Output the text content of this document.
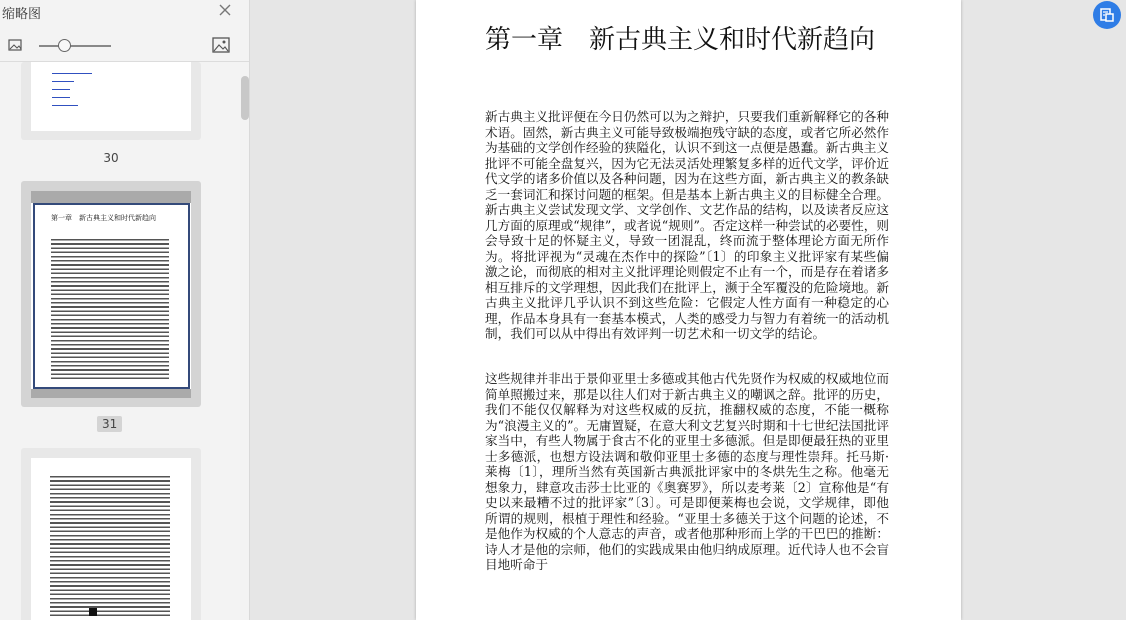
缩略图
30
第一章　新古典主义和时代新趋向
31
第一章　新古典主义和时代新趋向
新古典主义批评便在今日仍然可以为之辩护，只要我们重新解释它的各种术语。固然，新古典主义可能导致极端抱残守缺的态度，或者它所必然作为基础的文学创作经验的狭隘化，认识不到这一点便是愚蠢。新古典主义批评不可能全盘复兴，因为它无法灵活处理繁复多样的近代文学，评价近代文学的诸多价值以及各种问题，因为在这些方面，新古典主义的教条缺乏一套词汇和探讨问题的框架。但是基本上新古典主义的目标健全合理。新古典主义尝试发现文学、文学创作、文艺作品的结构，以及读者反应这几方面的原理或“规律”，或者说“规则”。否定这样一种尝试的必要性，则会导致十足的怀疑主义，导致一团混乱，终而流于整体理论方面无所作为。将批评视为“灵魂在杰作中的探险”〔1〕的印象主义批评家有某些偏激之论，而彻底的相对主义批评理论则假定不止有一个，而是存在着诸多相互排斥的文学理想，因此我们在批评上，濒于全军覆没的危险境地。新古典主义批评几乎认识不到这些危险：它假定人性方面有一种稳定的心理，作品本身具有一套基本模式，人类的感受力与智力有着统一的活动机制，我们可以从中得出有效评判一切艺术和一切文学的结论。
这些规律并非出于景仰亚里士多德或其他古代先贤作为权威的权威地位而简单照搬过来，那是以往人们对于新古典主义的嘲讽之辞。批评的历史，我们不能仅仅解释为对这些权威的反抗，推翻权威的态度，不能一概称为“浪漫主义的”。无庸置疑，在意大利文艺复兴时期和十七世纪法国批评家当中，有些人物属于食古不化的亚里士多德派。但是即便最狂热的亚里士多德派，也想方设法调和敬仰亚里士多德的态度与理性崇拜。托马斯·莱梅〔1〕，理所当然有英国新古典派批评家中的冬烘先生之称。他毫无想象力，肆意攻击莎士比亚的《奥赛罗》，所以麦考莱〔2〕宣称他是“有史以来最糟不过的批评家”〔3〕。可是即便莱梅也会说，文学规律，即他所谓的规则，根植于理性和经验。“亚里士多德关于这个问题的论述，不是他作为权威的个人意志的声音，或者他那种形而上学的干巴巴的推断：诗人才是他的宗师，他们的实践成果由他归纳成原理。近代诗人也不会盲目地听命于
